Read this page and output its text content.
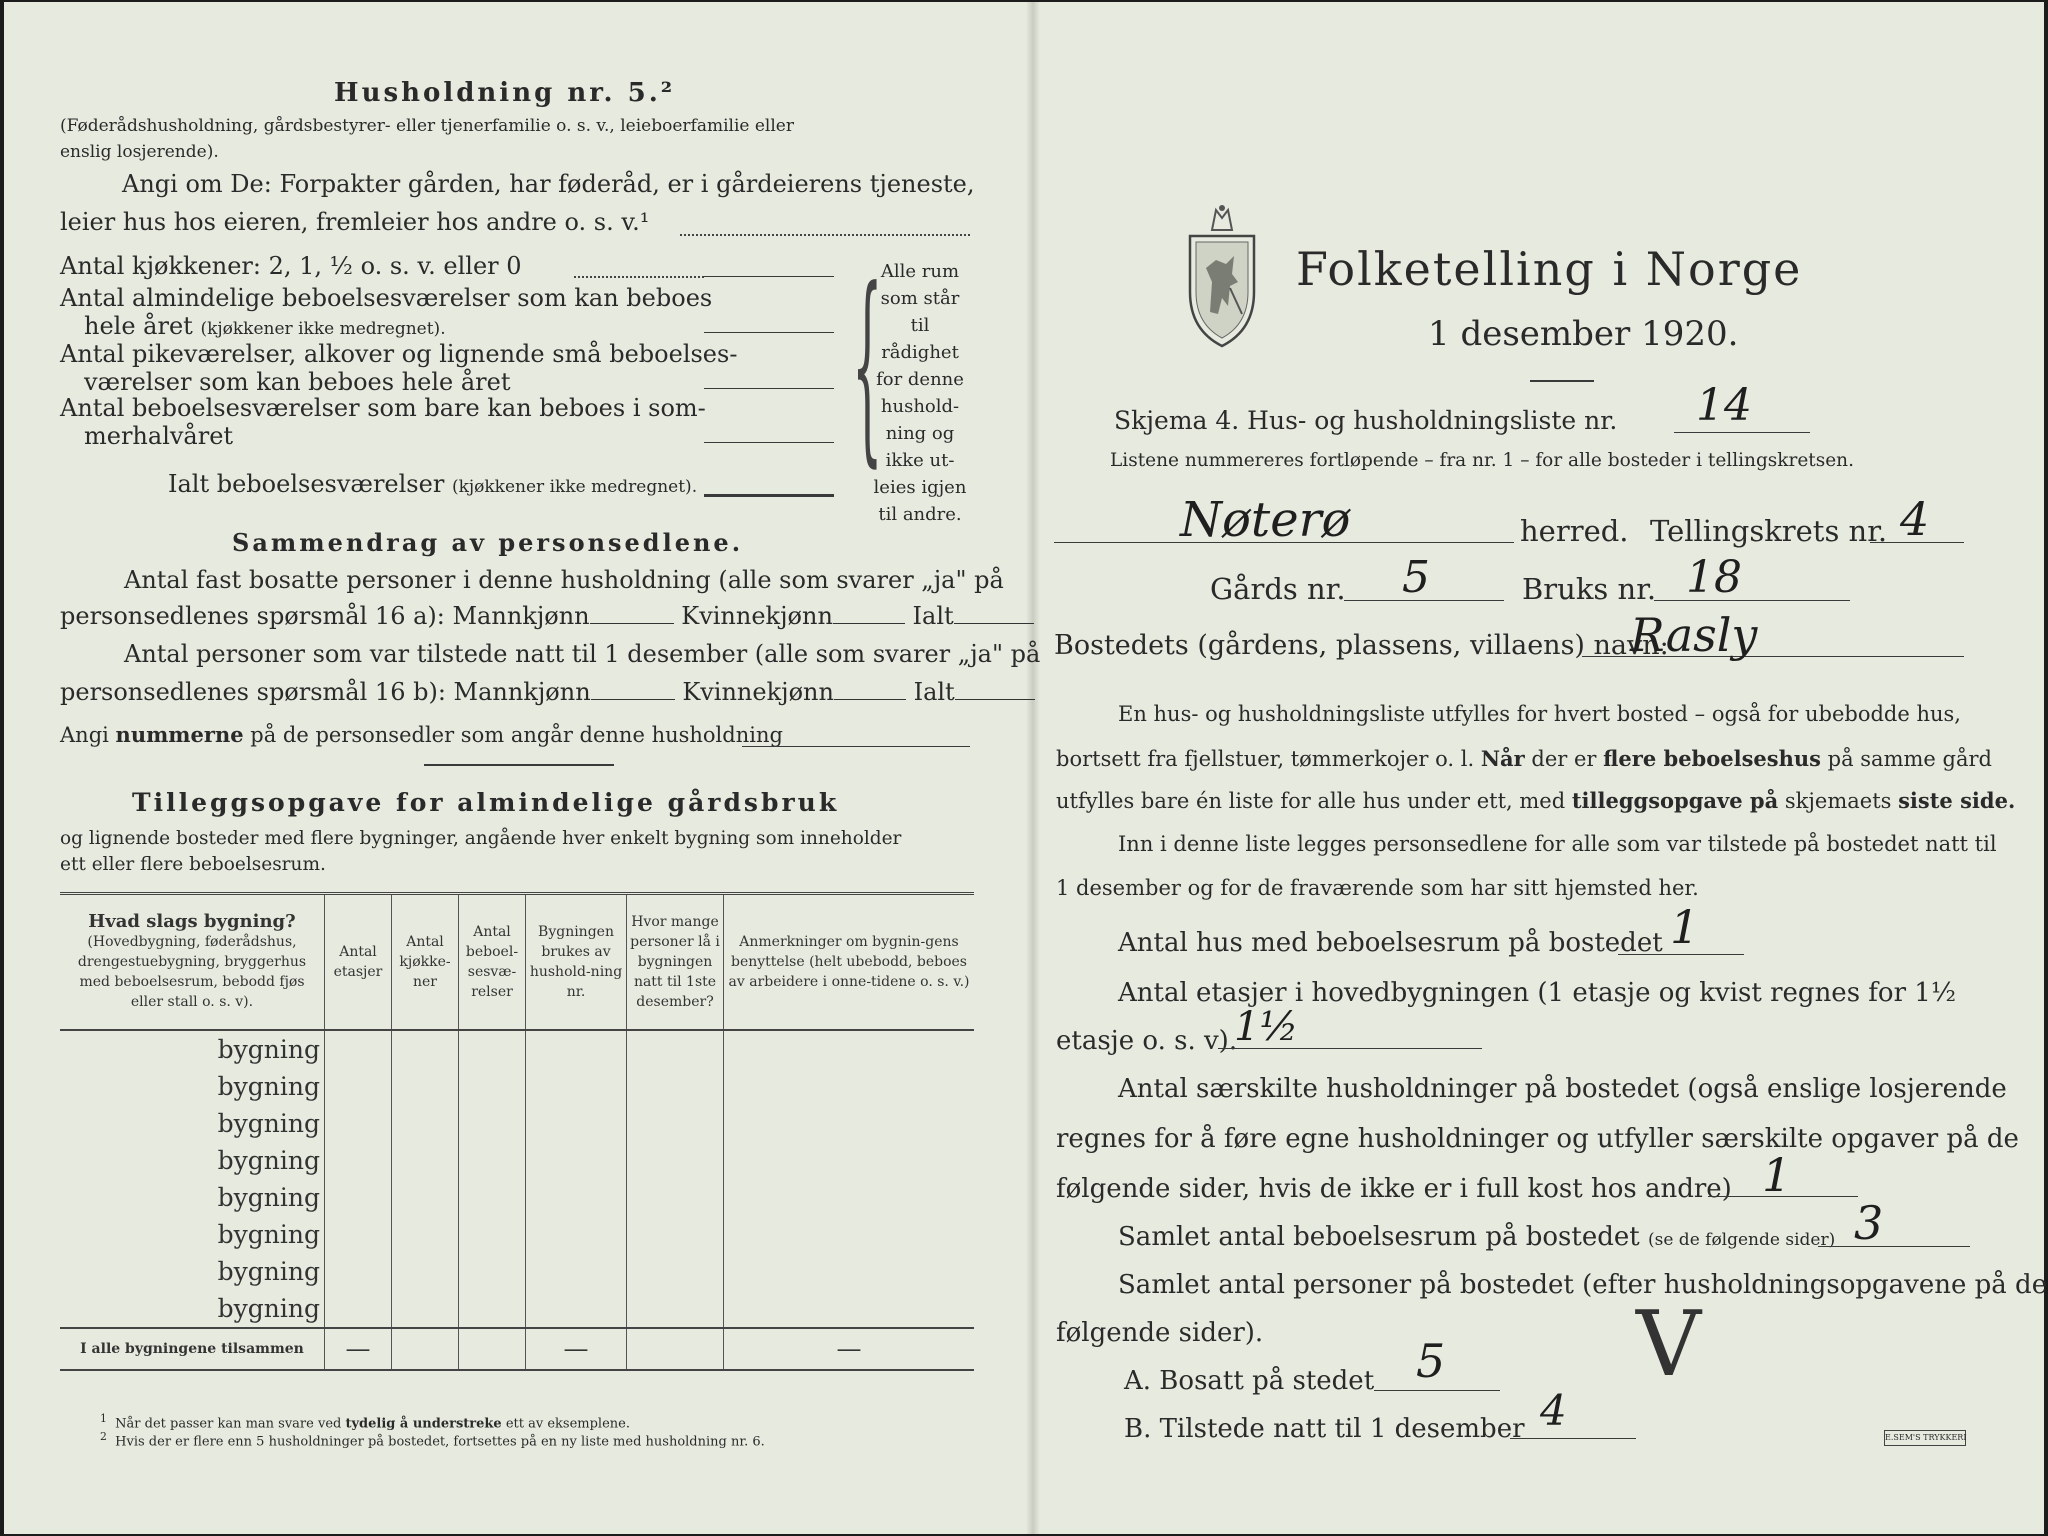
Husholdning nr. 5.²
(Føderådshusholdning, gårdsbestyrer- eller tjenerfamilie o. s. v., leieboerfamilie eller
enslig losjerende).
Angi om De: Forpakter gården, har føderåd, er i gårdeierens tjeneste,
leier hus hos eieren, fremleier hos andre o. s. v.¹
Antal kjøkkener: 2, 1, ½ o. s. v. eller 0
Antal almindelige beboelsesværelser som kan beboes
hele året (kjøkkener ikke medregnet).
Antal pikeværelser, alkover og lignende små beboelses-
værelser som kan beboes hele året
Antal beboelsesværelser som bare kan beboes i som-
merhalvåret
Ialt beboelsesværelser (kjøkkener ikke medregnet).	{
Alle rum
som står til
rådighet
for denne
hushold-
ning og
ikke ut-
leies igjen
til andre.
Sammendrag av personsedlene.
Antal fast bosatte personer i denne husholdning (alle som svarer „ja" på
personsedlenes spørsmål 16 a): Mannkjønn	Kvinnekjønn	Ialt
Antal personer som var tilstede natt til 1 desember (alle som svarer „ja" på
personsedlenes spørsmål 16 b): Mannkjønn	Kvinnekjønn	Ialt
Angi nummerne på de personsedler som angår denne husholdning
Tilleggsopgave for almindelige gårdsbruk
og lignende bosteder med flere bygninger, angående hver enkelt bygning som inneholder
ett eller flere beboelsesrum.
Hvad slags bygning?
(Hovedbygning, føderådshus, drengestuebygning, bryggerhus med beboelsesrum, bebodd fjøs eller stall o. s. v).	Antal etasjer	Antal kjøkke-ner	Antal beboel-sesvæ-relser	Bygningen brukes av hushold-ning nr.	Hvor mange personer lå i bygningen natt til 1ste desember?	Anmerkninger om bygnin-gens benyttelse (helt ubebodd, beboes av arbeidere i onne-tidene o. s. v.)
bygning						
bygning						
bygning						
bygning						
bygning						
bygning						
bygning						
bygning						
I alle bygningene tilsammen	—			—		—
$^1$ Når det passer kan man svare ved tydelig å understreke ett av eksemplene.
$^2$ Hvis der er flere enn 5 husholdninger på bostedet, fortsettes på en ny liste med husholdning nr. 6.
Folketelling i Norge
1 desember 1920.
Skjema 4. Hus- og husholdningsliste nr. 14
Listene nummereres fortløpende – fra nr. 1 – for alle bosteder i tellingskretsen.
Nøterø	herred. Tellingskrets nr. 4
Gårds nr. 5	Bruks nr. 18
Bostedets (gårdens, plassens, villaens) navn:
Rasly
En hus- og husholdningsliste utfylles for hvert bosted – også for ubebodde hus,
bortsett fra fjellstuer, tømmerkojer o. l. Når der er flere beboelseshus på samme gård
utfylles bare én liste for alle hus under ett, med tilleggsopgave på skjemaets siste side.
Inn i denne liste legges personsedlene for alle som var tilstede på bostedet natt til
1 desember og for de fraværende som har sitt hjemsted her.
Antal hus med beboelsesrum på bostedet 1
Antal etasjer i hovedbygningen (1 etasje og kvist regnes for 1½
etasje o. s. v).
1½
Antal særskilte husholdninger på bostedet (også enslige losjerende
regnes for å føre egne husholdninger og utfyller særskilte opgaver på de
følgende sider, hvis de ikke er i full kost hos andre) 1
Samlet antal beboelsesrum på bostedet (se de følgende sider) 3
Samlet antal personer på bostedet (efter husholdningsopgavene på de
følgende sider).
A. Bosatt på stedet 5
B. Tilstede natt til 1 desember 4
V
E.SEM'S TRYKKERI
